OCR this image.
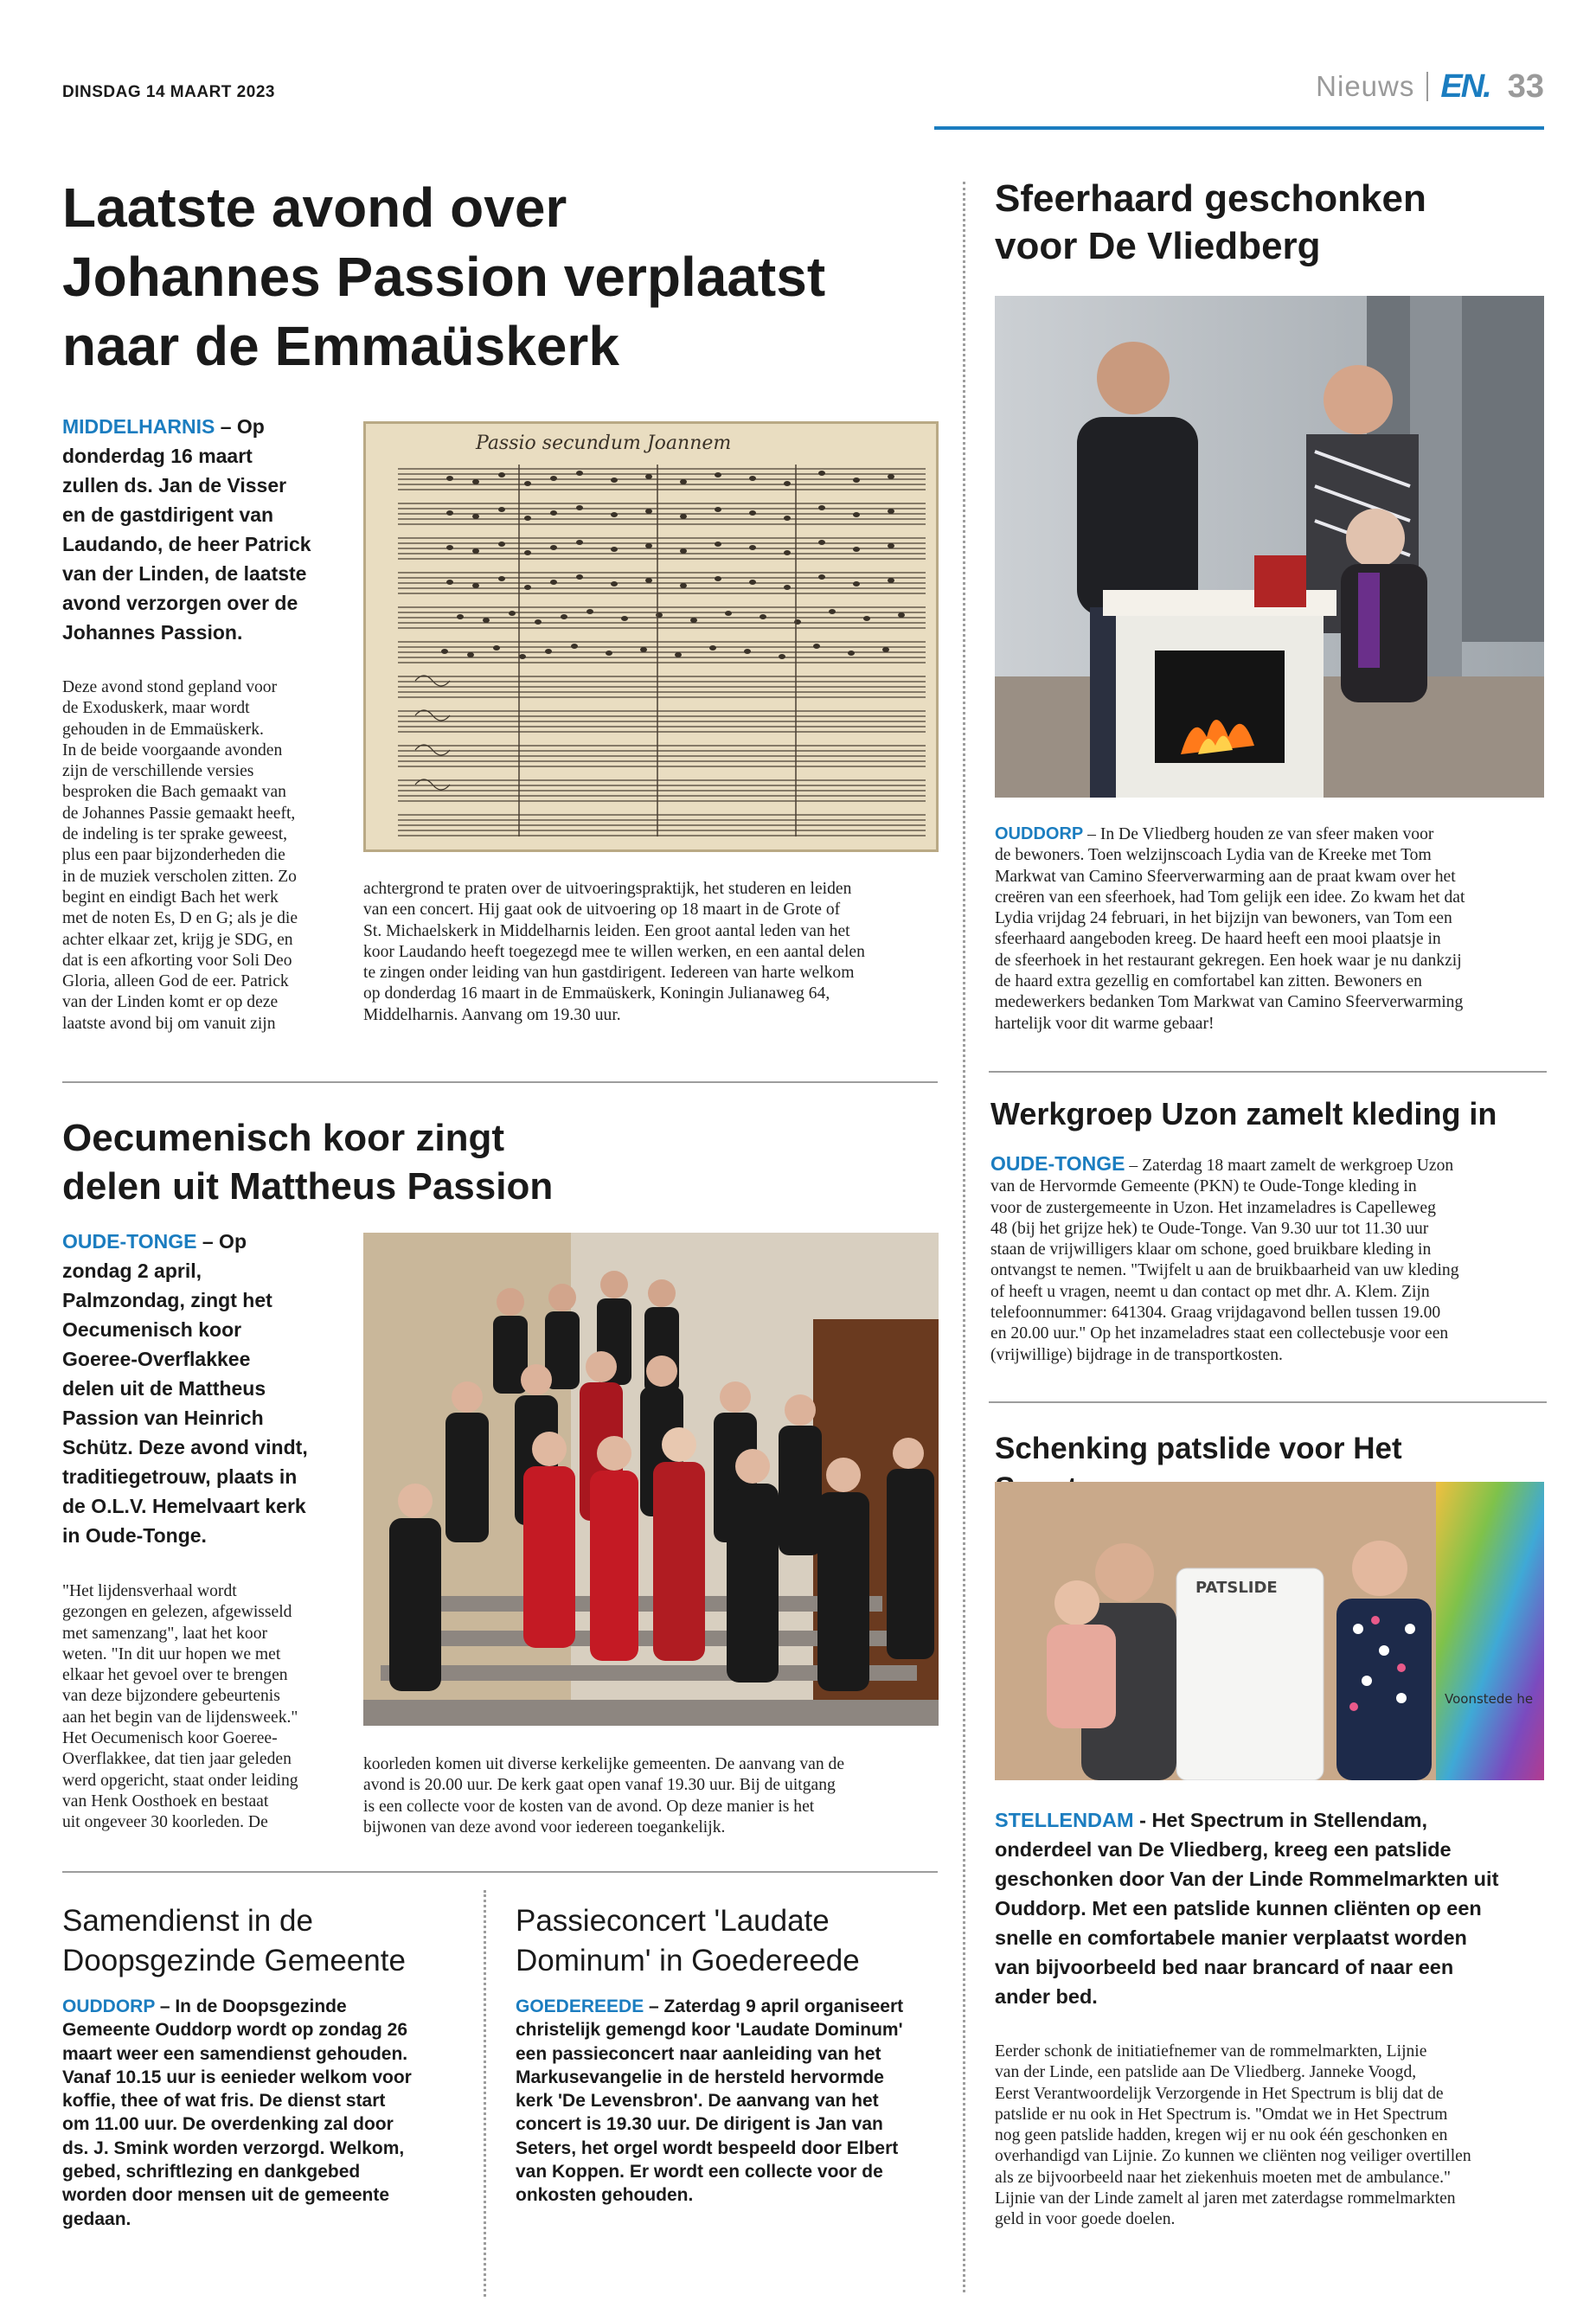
DINSDAG 14 MAART 2023	Nieuws EN. 33
Laatste avond over
Johannes Passion verplaatst
naar de Emmaüskerk
MIDDELHARNIS – Op
donderdag 16 maart
zullen ds. Jan de Visser
en de gastdirigent van
Laudando, de heer Patrick
van der Linden, de laatste
avond verzorgen over de
Johannes Passion.
Deze avond stond gepland voor
de Exoduskerk, maar wordt
gehouden in de Emmaüskerk.
In de beide voorgaande avonden
zijn de verschillende versies
besproken die Bach gemaakt van
de Johannes Passie gemaakt heeft,
de indeling is ter sprake geweest,
plus een paar bijzonderheden die
in de muziek verscholen zitten. Zo
begint en eindigt Bach het werk
met de noten Es, D en G; als je die
achter elkaar zet, krijg je SDG, en
dat is een afkorting voor Soli Deo
Gloria, alleen God de eer. Patrick
van der Linden komt er op deze
laatste avond bij om vanuit zijn
Passio secundum Joannem
achtergrond te praten over de uitvoeringspraktijk, het studeren en leiden
van een concert. Hij gaat ook de uitvoering op 18 maart in de Grote of
St. Michaelskerk in Middelharnis leiden. Een groot aantal leden van het
koor Laudando heeft toegezegd mee te willen werken, en een aantal delen
te zingen onder leiding van hun gastdirigent. Iedereen van harte welkom
op donderdag 16 maart in de Emmaüskerk, Koningin Julianaweg 64,
Middelharnis. Aanvang om 19.30 uur.
Sfeerhaard geschonken
voor De Vliedberg
OUDDORP – In De Vliedberg houden ze van sfeer maken voor
de bewoners. Toen welzijnscoach Lydia van de Kreeke met Tom
Markwat van Camino Sfeerverwarming aan de praat kwam over het
creëren van een sfeerhoek, had Tom gelijk een idee. Zo kwam het dat
Lydia vrijdag 24 februari, in het bijzijn van bewoners, van Tom een
sfeerhaard aangeboden kreeg. De haard heeft een mooi plaatsje in
de sfeerhoek in het restaurant gekregen. Een hoek waar je nu dankzij
de haard extra gezellig en comfortabel kan zitten. Bewoners en
medewerkers bedanken Tom Markwat van Camino Sfeerverwarming
hartelijk voor dit warme gebaar!
Oecumenisch koor zingt
delen uit Mattheus Passion
OUDE-TONGE – Op
zondag 2 april,
Palmzondag, zingt het
Oecumenisch koor
Goeree-Overflakkee
delen uit de Mattheus
Passion van Heinrich
Schütz. Deze avond vindt,
traditiegetrouw, plaats in
de O.L.V. Hemelvaart kerk
in Oude-Tonge.
"Het lijdensverhaal wordt
gezongen en gelezen, afgewisseld
met samenzang", laat het koor
weten. "In dit uur hopen we met
elkaar het gevoel over te brengen
van deze bijzondere gebeurtenis
aan het begin van de lijdensweek."
Het Oecumenisch koor Goeree-
Overflakkee, dat tien jaar geleden
werd opgericht, staat onder leiding
van Henk Oosthoek en bestaat
uit ongeveer 30 koorleden. De
koorleden komen uit diverse kerkelijke gemeenten. De aanvang van de
avond is 20.00 uur. De kerk gaat open vanaf 19.30 uur. Bij de uitgang
is een collecte voor de kosten van de avond. Op deze manier is het
bijwonen van deze avond voor iedereen toegankelijk.
Werkgroep Uzon zamelt kleding in
OUDE-TONGE – Zaterdag 18 maart zamelt de werkgroep Uzon
van de Hervormde Gemeente (PKN) te Oude-Tonge kleding in
voor de zustergemeente in Uzon. Het inzameladres is Capelleweg
48 (bij het grijze hek) te Oude-Tonge. Van 9.30 uur tot 11.30 uur
staan de vrijwilligers klaar om schone, goed bruikbare kleding in
ontvangst te nemen. "Twijfelt u aan de bruikbaarheid van uw kleding
of heeft u vragen, neemt u dan contact op met dhr. A. Klem. Zijn
telefoonnummer: 641304. Graag vrijdagavond bellen tussen 19.00
en 20.00 uur." Op het inzameladres staat een collectebusje voor een
(vrijwillige) bijdrage in de transportkosten.
Schenking patslide voor Het
Voonstede he
PATSLIDE
STELLENDAM - Het Spectrum in Stellendam,
onderdeel van De Vliedberg, kreeg een patslide
geschonken door Van der Linde Rommelmarkten uit
Ouddorp. Met een patslide kunnen cliënten op een
snelle en comfortabele manier verplaatst worden
van bijvoorbeeld bed naar brancard of naar een
ander bed.
Eerder schonk de initiatiefnemer van de rommelmarkten, Lijnie
van der Linde, een patslide aan De Vliedberg. Janneke Voogd,
Eerst Verantwoordelijk Verzorgende in Het Spectrum is blij dat de
patslide er nu ook in Het Spectrum is. "Omdat we in Het Spectrum
nog geen patslide hadden, kregen wij er nu ook één geschonken en
overhandigd van Lijnie. Zo kunnen we cliënten nog veiliger overtillen
als ze bijvoorbeeld naar het ziekenhuis moeten met de ambulance."
Lijnie van der Linde zamelt al jaren met zaterdagse rommelmarkten
geld in voor goede doelen.
Samendienst in de
Doopsgezinde Gemeente
OUDDORP – In de Doopsgezinde
Gemeente Ouddorp wordt op zondag 26
maart weer een samendienst gehouden.
Vanaf 10.15 uur is eenieder welkom voor
koffie, thee of wat fris. De dienst start
om 11.00 uur. De overdenking zal door
ds. J. Smink worden verzorgd. Welkom,
gebed, schriftlezing en dankgebed
worden door mensen uit de gemeente
gedaan.
Passieconcert 'Laudate
Dominum' in Goedereede
GOEDEREEDE – Zaterdag 9 april organiseert
christelijk gemengd koor 'Laudate Dominum'
een passieconcert naar aanleiding van het
Markusevangelie in de hersteld hervormde
kerk 'De Levensbron'. De aanvang van het
concert is 19.30 uur. De dirigent is Jan van
Seters, het orgel wordt bespeeld door Elbert
van Koppen. Er wordt een collecte voor de
onkosten gehouden.
